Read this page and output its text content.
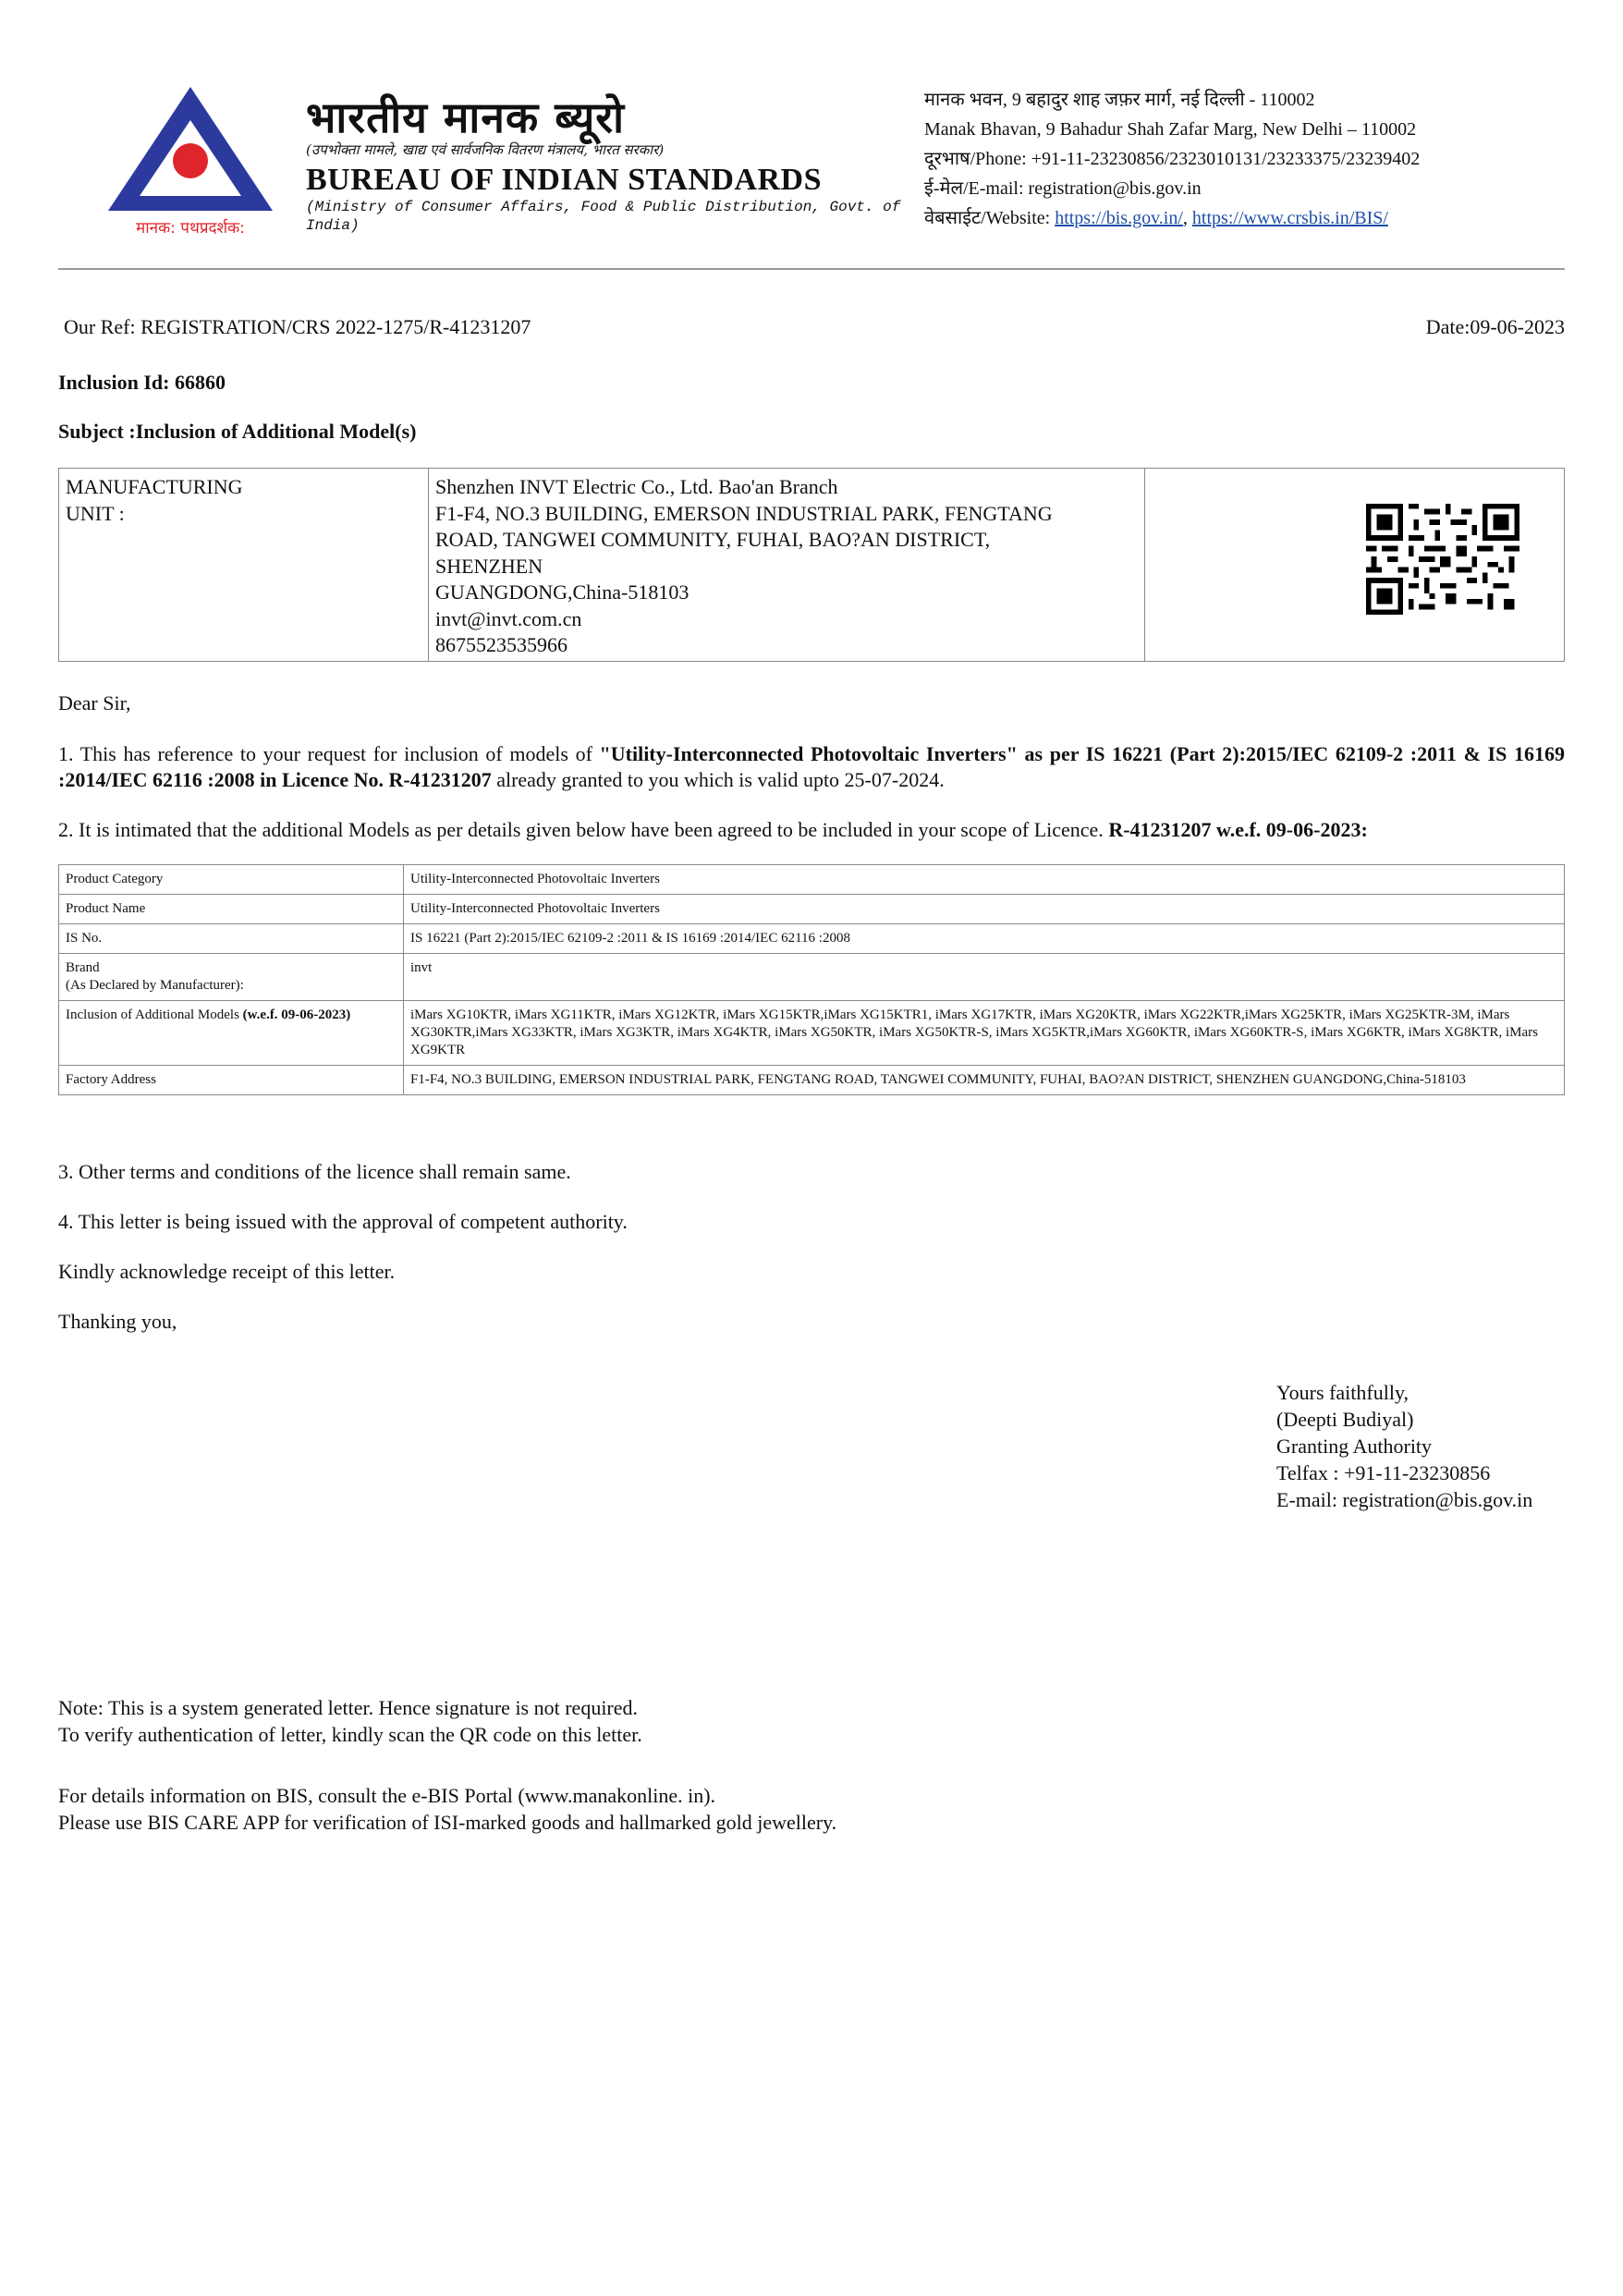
मानक: पथप्रदर्शक:
भारतीय मानक ब्यूरो
(उपभोक्ता मामले, खाद्य एवं सार्वजनिक वितरण मंत्रालय, भारत सरकार)
BUREAU OF INDIAN STANDARDS
(Ministry of Consumer Affairs, Food & Public Distribution, Govt. of India)
मानक भवन, 9 बहादुर शाह जफ़र मार्ग, नई दिल्ली - 110002
Manak Bhavan, 9 Bahadur Shah Zafar Marg, New Delhi – 110002
दूरभाष/Phone: +91-11-23230856/2323010131/23233375/23239402
ई-मेल/E-mail: registration@bis.gov.in
वेबसाईट/Website: https://bis.gov.in/, https://www.crsbis.in/BIS/
Our Ref: REGISTRATION/CRS 2022-1275/R-41231207	Date:09-06-2023
Inclusion Id: 66860
Subject :Inclusion of Additional Model(s)
MANUFACTURING
UNIT :

Shenzhen INVT Electric Co., Ltd. Bao'an Branch
F1-F4, NO.3 BUILDING, EMERSON INDUSTRIAL PARK, FENGTANG
ROAD, TANGWEI COMMUNITY, FUHAI, BAO?AN DISTRICT,
SHENZHEN
GUANGDONG,China-518103
invt@invt.com.cn
8675523535966

Dear Sir,
1. This has reference to your request for inclusion of models of "Utility-Interconnected Photovoltaic Inverters" as per IS 16221 (Part 2):2015/IEC 62109-2 :2011 & IS 16169 :2014/IEC 62116 :2008 in Licence No. R-41231207 already granted to you which is valid upto 25-07-2024.
2. It is intimated that the additional Models as per details given below have been agreed to be included in your scope of Licence. R-41231207 w.e.f. 09-06-2023:
Product Category	Utility-Interconnected Photovoltaic Inverters
Product Name	Utility-Interconnected Photovoltaic Inverters
IS No.	IS 16221 (Part 2):2015/IEC 62109-2 :2011 & IS 16169 :2014/IEC 62116 :2008

Brand
(As Declared by Manufacturer):	invt
Inclusion of Additional Models (w.e.f. 09-06-2023)	iMars XG10KTR, iMars XG11KTR, iMars XG12KTR, iMars XG15KTR,iMars XG15KTR1, iMars XG17KTR, iMars XG20KTR, iMars XG22KTR,iMars XG25KTR, iMars XG25KTR-3M, iMars XG30KTR,iMars XG33KTR, iMars XG3KTR, iMars XG4KTR, iMars XG50KTR, iMars XG50KTR-S, iMars XG5KTR,iMars XG60KTR, iMars XG60KTR-S, iMars XG6KTR, iMars XG8KTR, iMars XG9KTR
Factory Address	F1-F4, NO.3 BUILDING, EMERSON INDUSTRIAL PARK, FENGTANG ROAD, TANGWEI COMMUNITY, FUHAI, BAO?AN DISTRICT, SHENZHEN GUANGDONG,China-518103
3. Other terms and conditions of the licence shall remain same.
4. This letter is being issued with the approval of competent authority.
Kindly acknowledge receipt of this letter.
Thanking you,
Yours faithfully,
(Deepti Budiyal)
Granting Authority
Telfax : +91-11-23230856
E-mail: registration@bis.gov.in
Note: This is a system generated letter. Hence signature is not required.
To verify authentication of letter, kindly scan the QR code on this letter.
For details information on BIS, consult the e-BIS Portal (www.manakonline. in).
Please use BIS CARE APP for verification of ISI-marked goods and hallmarked gold jewellery.
